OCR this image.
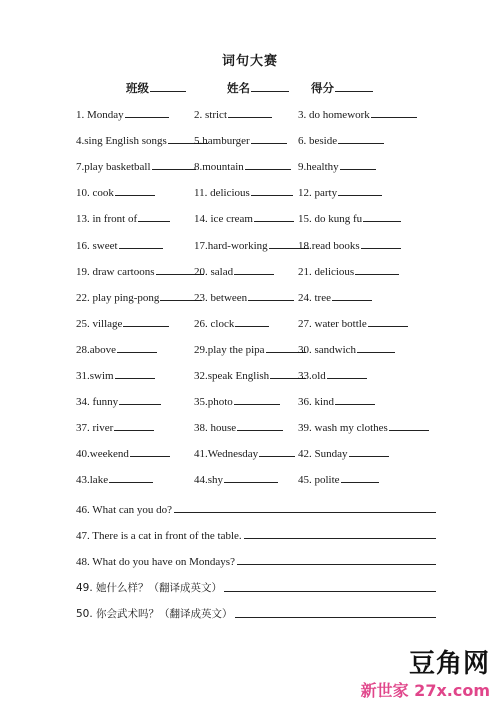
词句大赛
班级	姓名	得分
1. Monday	2. strict	3. do homework
4.sing English songs	5.hamburger	6. beside
7.play basketball	8.mountain	9.healthy
10. cook	11. delicious	12. party
13. in front of	14. ice cream	15. do kung fu
16. sweet	17.hard-working	18.read books
19. draw cartoons	20. salad	21. delicious
22. play ping-pong	23. between	24. tree
25. village	26. clock	27. water bottle
28.above	29.play the pipa	30. sandwich
31.swim	32.speak English	33.old
34. funny	35.photo	36. kind
37. river	38. house	39. wash my clothes
40.weekend	41.Wednesday	42. Sunday
43.lake	44.shy	45. polite
46. What can you do?
47. There is a cat in front of the table.
48. What do you have on Mondays?
49. 她什么样？（翻译成英文）
50. 你会武术吗？（翻译成英文）
豆角网
新世家 27x.com
